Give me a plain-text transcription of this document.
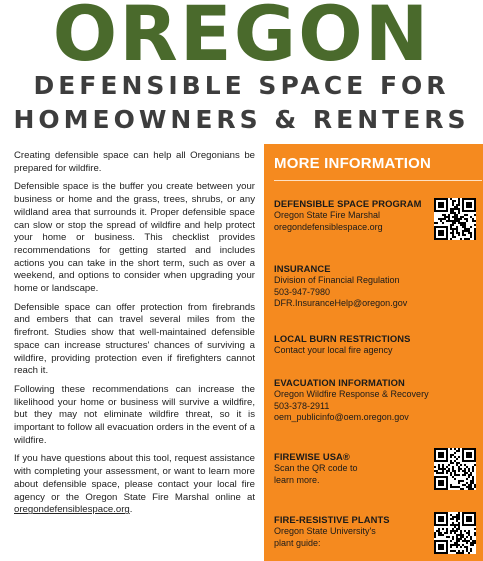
OREGON
DEFENSIBLE SPACE FOR
HOMEOWNERS & RENTERS

Creating defensible space can help all Oregonians be prepared for wildfire.

Defensible space is the buffer you create between your business or home and the grass, trees, shrubs, or any wildland area that surrounds it. Proper defensible space can slow or stop the spread of wildfire and help protect your home or business. This checklist provides recommendations for getting started and includes actions you can take in the short term, such as over a weekend, and options to consider when upgrading your home or landscape.

Defensible space can offer protection from firebrands and embers that can travel several miles from the firefront. Studies show that well-maintained defensible space can increase structures' chances of surviving a wildfire, providing protection even if firefighters cannot reach it.

Following these recommendations can increase the likelihood your home or business will survive a wildfire, but they may not eliminate wildfire threat, so it is important to follow all evacuation orders in the event of a wildfire.

If you have questions about this tool, request assistance with completing your assessment, or want to learn more about defensible space, please contact your local fire agency or the Oregon State Fire Marshal online at oregondefensiblespace.org.

MORE INFORMATION
DEFENSIBLE SPACE PROGRAM
Oregon State Fire Marshal
oregondefensiblespace.org
INSURANCE
Division of Financial Regulation
503-947-7980
DFR.InsuranceHelp@oregon.gov
LOCAL BURN RESTRICTIONS
Contact your local fire agency
EVACUATION INFORMATION
Oregon Wildfire Response & Recovery
503-378-2911
oem_publicinfo@oem.oregon.gov
FIREWISE USA®
Scan the QR code to
learn more.
FIRE-RESISTIVE PLANTS
Oregon State University's
plant guide:
